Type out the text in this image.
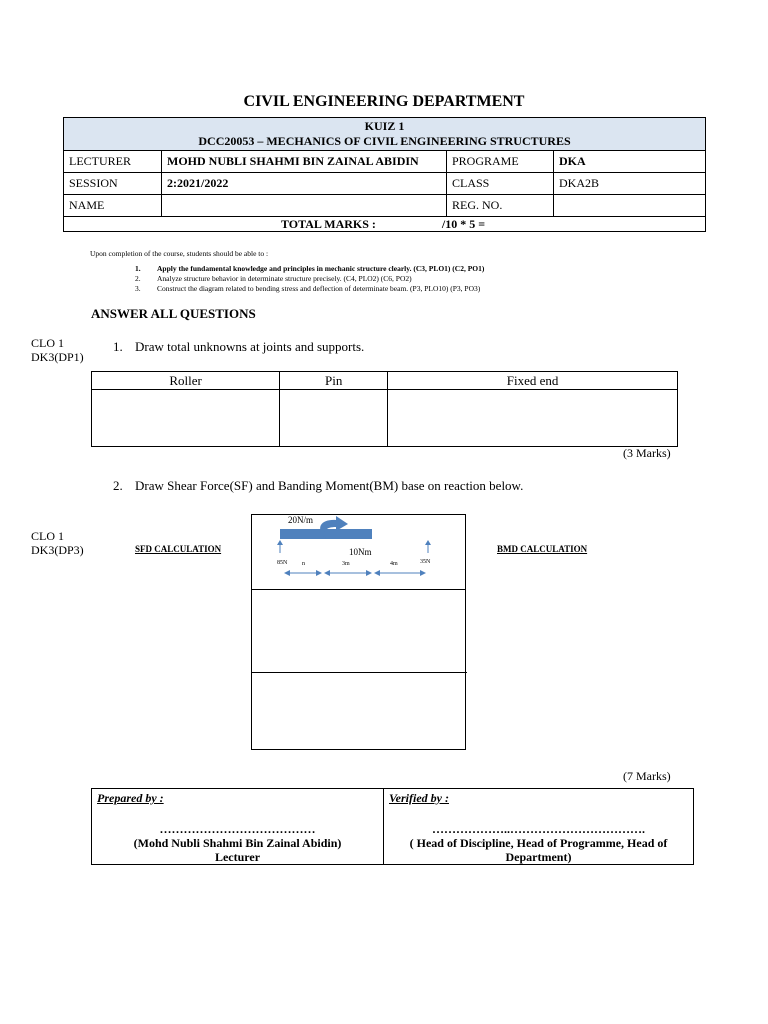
CIVIL ENGINEERING DEPARTMENT
KUIZ 1
DCC20053 – MECHANICS OF CIVIL ENGINEERING STRUCTURES			

LECTURER	MOHD NUBLI SHAHMI BIN ZAINAL ABIDIN	PROGRAME	DKA
SESSION	2:2021/2022	CLASS	DKA2B
NAME		REG. NO.	
TOTAL MARKS : /10 * 5 =			
Upon completion of the course, students should be able to :
1. Apply the fundamental knowledge and principles in mechanic structure clearly. (C3, PLO1) (C2, PO1)
2. Analyze structure behavior in determinate structure precisely. (C4, PLO2) (C6, PO2)
3. Construct the diagram related to bending stress and deflection of determinate beam. (P3, PLO10) (P3, PO3)
ANSWER ALL QUESTIONS
CLO 1
DK3(DP1)
1. Draw total unknowns at joints and supports.
Roller	Pin	Fixed end

(3 Marks)
2. Draw Shear Force(SF) and Banding Moment(BM) base on reaction below.
CLO 1
DK3(DP3)	SFD CALCULATION	BMD CALCULATION
20N/m
10Nm
85N n	3m	4m	35N
(7 Marks)
Prepared by :
…………………………………
(Mohd Nubli Shahmi Bin Zainal Abidin)
Lecturer

Verified by :
………………..…………………………….
( Head of Discipline, Head of Programme, Head of
Department)
